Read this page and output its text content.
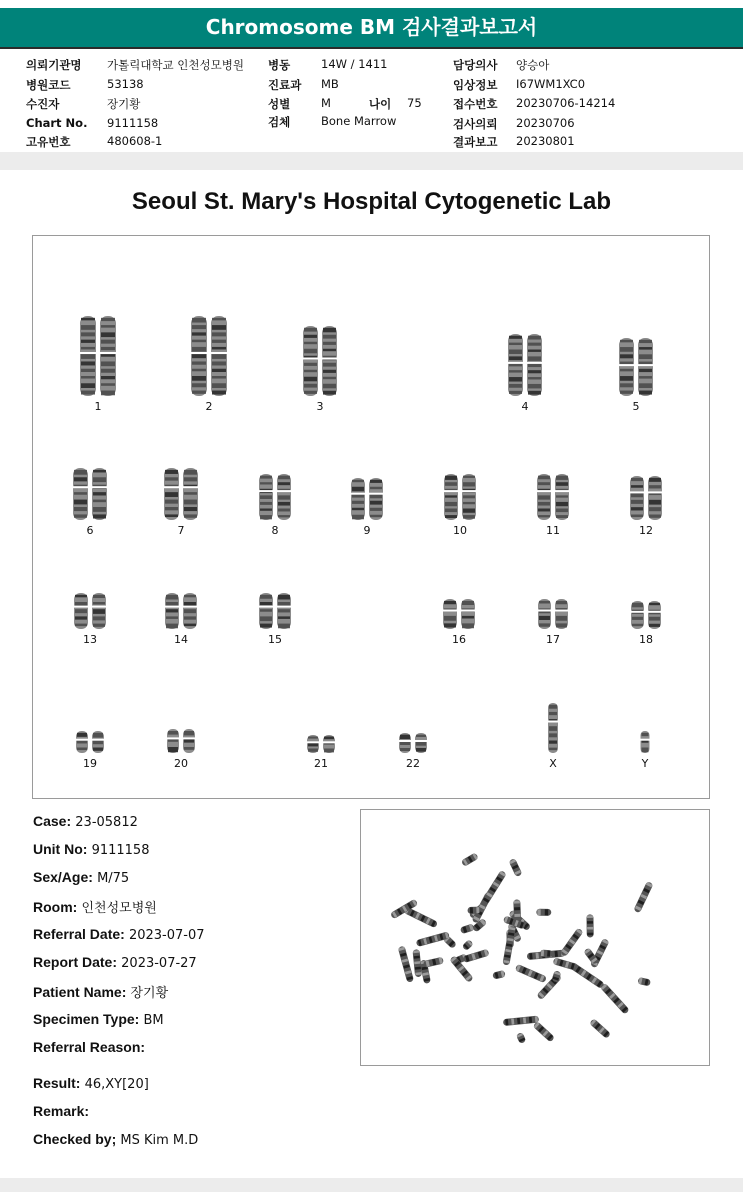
Chromosome BM 검사결과보고서
의뢰기관명 가톨릭대학교 인천성모병원
병원코드	53138
수진자	장기황
Chart No. 9111158
고유번호	480608-1
병동	14W / 1411
진료과 MB
성별	M	나이 75
검체	Bone Marrow
담당의사 양승아
임상정보 I67WM1XC0
접수번호 20230706-14214
검사의뢰 20230706
결과보고 20230801
Seoul St. Mary's Hospital Cytogenetic Lab
1	2	3	4	5
6	7	8	9	10	11	12
13	14	15	16	17	18
19	20	21	22	X	Y
Case: 23-05812
Unit No: 9111158
Sex/Age: M/75
Room: 인천성모병원
Referral Date: 2023-07-07
Report Date: 2023-07-27
Patient Name: 장기황
Specimen Type: BM
Referral Reason:
Result: 46,XY[20]
Remark:
Checked by; MS Kim M.D
